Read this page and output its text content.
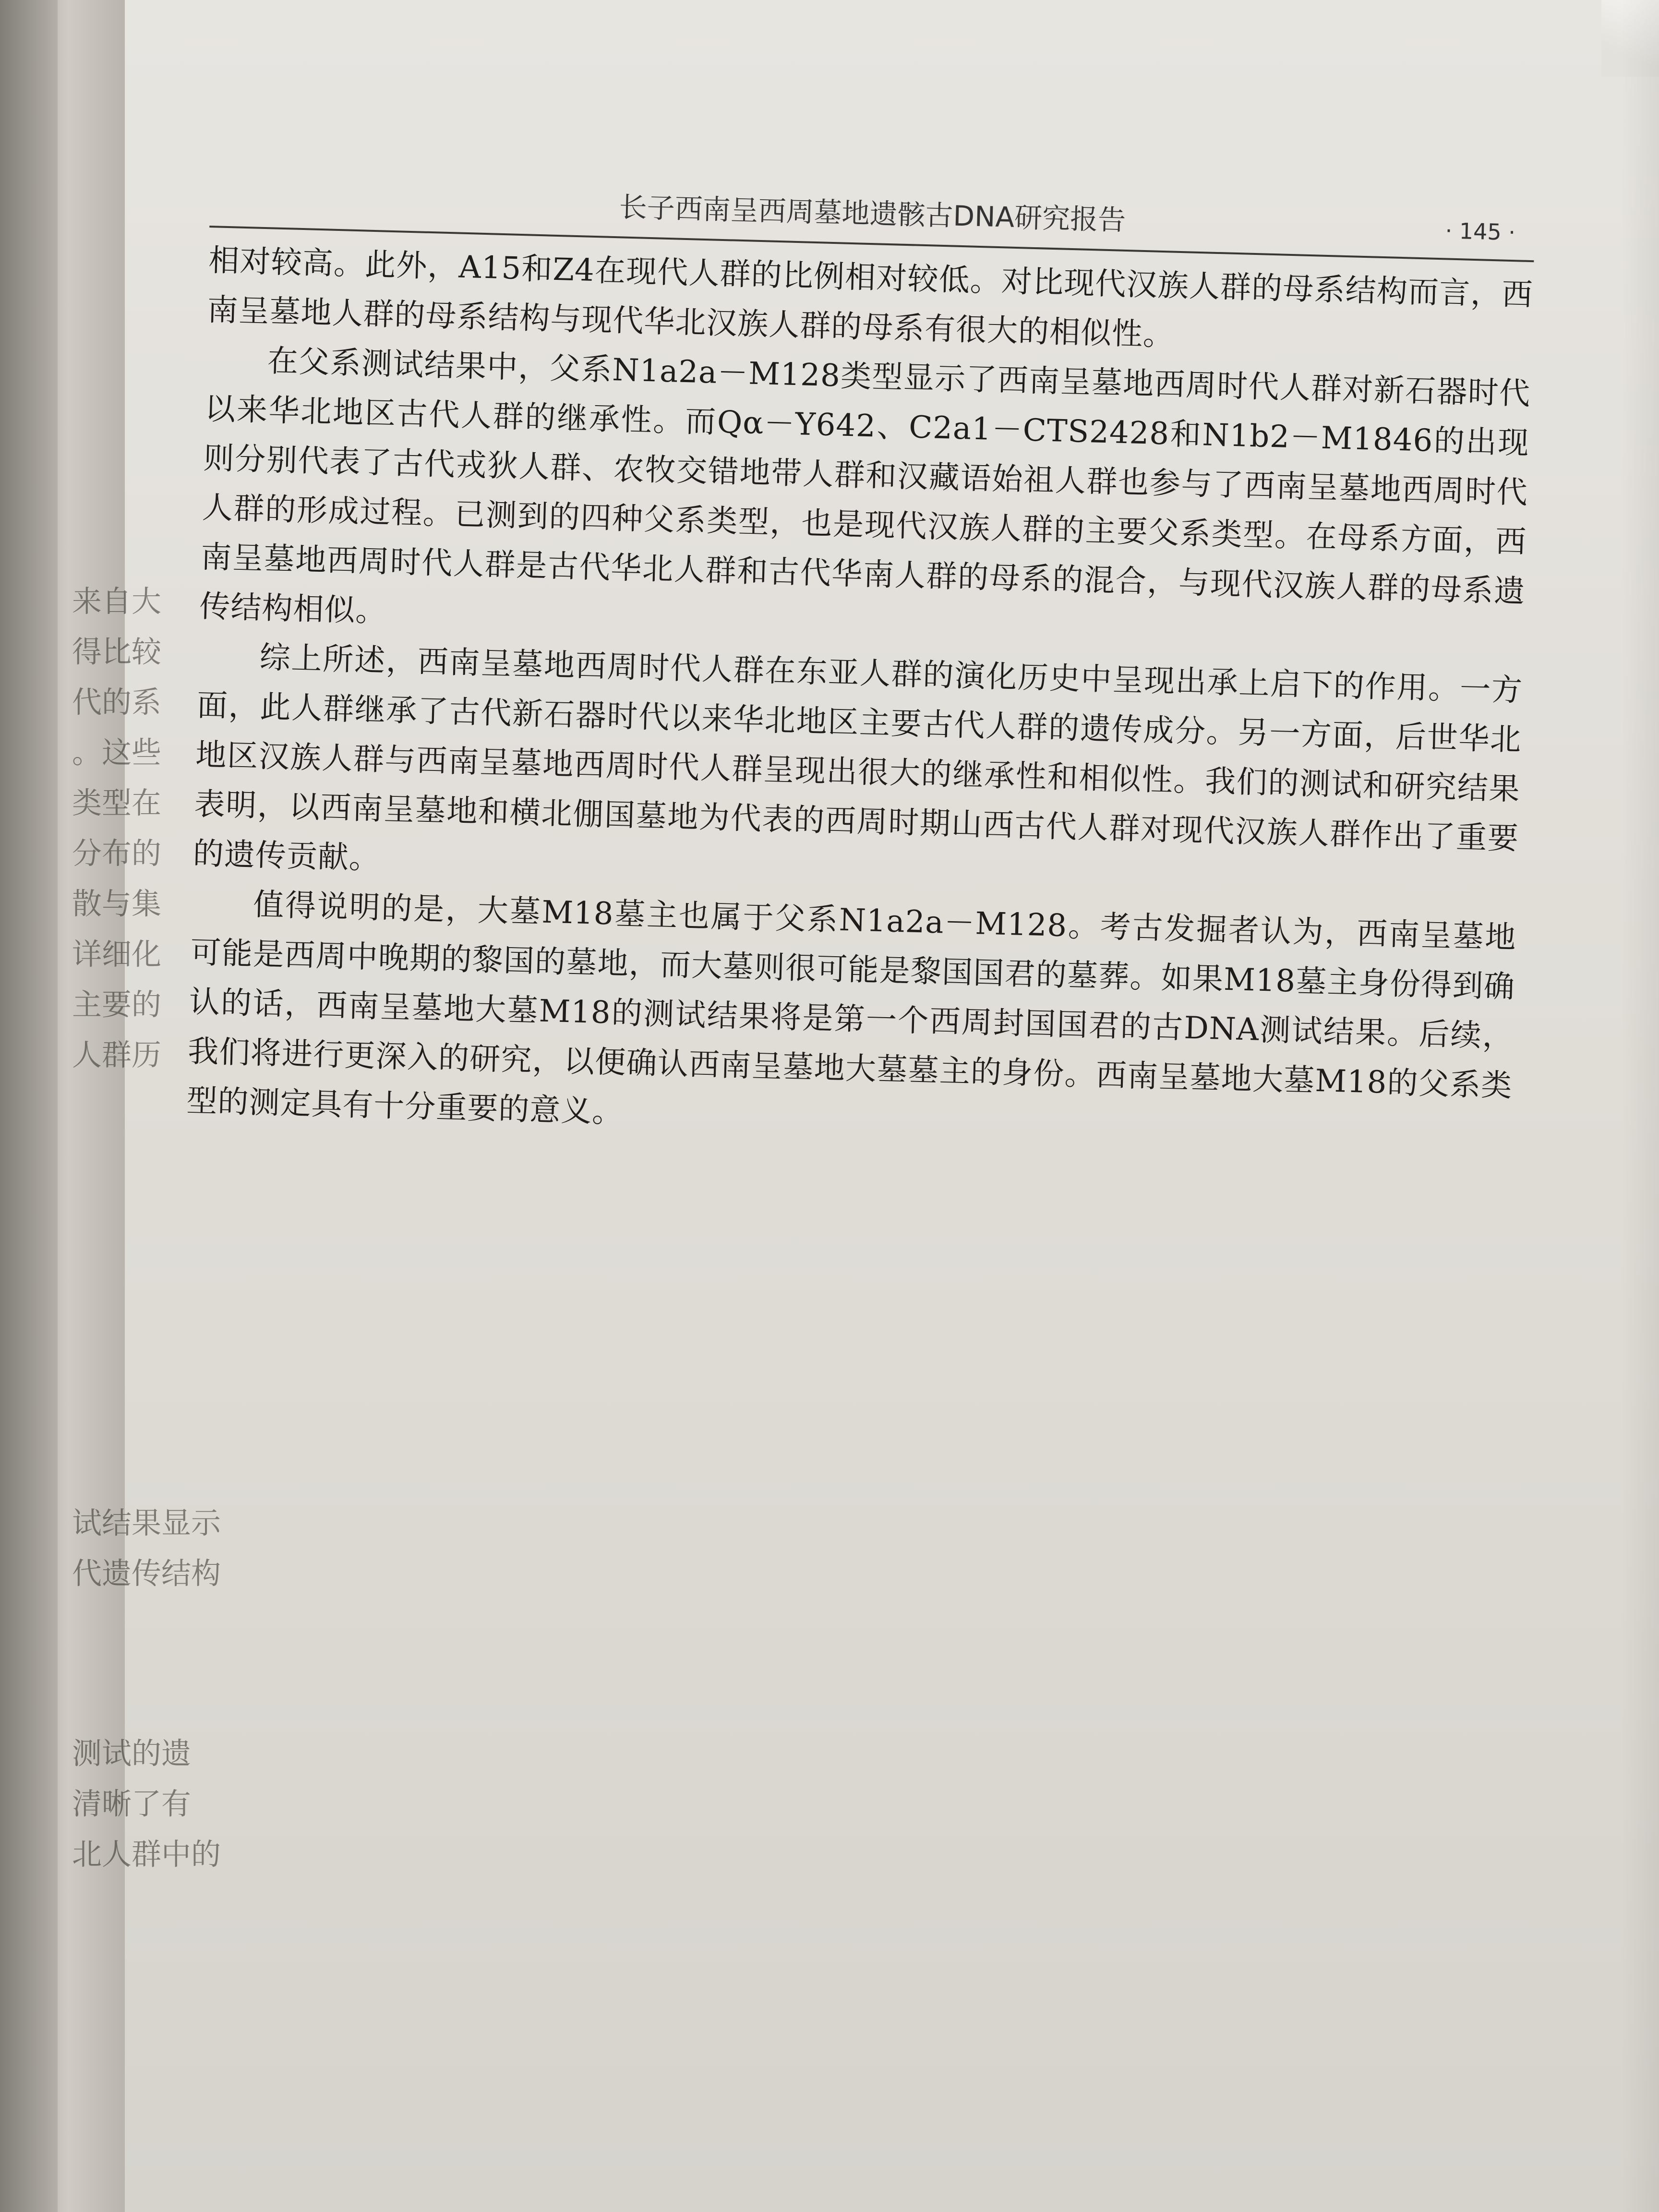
来自大
得比较
代的系
。这些
类型在
分布的
散与集
详细化
主要的
人群历
试结果显示
代遗传结构
测试的遗
清晰了有
北人群中的
长子西南呈西周墓地遗骸古DNA研究报告	· 145 ·

相对较高。此外，A15和Z4在现代人群的比例相对较低。对比现代汉族人群的母系结构而言，西南呈墓地人群的母系结构与现代华北汉族人群的母系有很大的相似性。

在父系测试结果中，父系N1a2a－M128类型显示了西南呈墓地西周时代人群对新石器时代以来华北地区古代人群的继承性。而Qα－Y642、C2a1－CTS2428和N1b2－M1846的出现则分别代表了古代戎狄人群、农牧交错地带人群和汉藏语始祖人群也参与了西南呈墓地西周时代人群的形成过程。已测到的四种父系类型，也是现代汉族人群的主要父系类型。在母系方面，西南呈墓地西周时代人群是古代华北人群和古代华南人群的母系的混合，与现代汉族人群的母系遗传结构相似。

综上所述，西南呈墓地西周时代人群在东亚人群的演化历史中呈现出承上启下的作用。一方面，此人群继承了古代新石器时代以来华北地区主要古代人群的遗传成分。另一方面，后世华北地区汉族人群与西南呈墓地西周时代人群呈现出很大的继承性和相似性。我们的测试和研究结果表明，以西南呈墓地和横北倗国墓地为代表的西周时期山西古代人群对现代汉族人群作出了重要的遗传贡献。

值得说明的是，大墓M18墓主也属于父系N1a2a－M128。考古发掘者认为，西南呈墓地可能是西周中晚期的黎国的墓地，而大墓则很可能是黎国国君的墓葬。如果M18墓主身份得到确认的话，西南呈墓地大墓M18的测试结果将是第一个西周封国国君的古DNA测试结果。后续，我们将进行更深入的研究，以便确认西南呈墓地大墓墓主的身份。西南呈墓地大墓M18的父系类型的测定具有十分重要的意义。
